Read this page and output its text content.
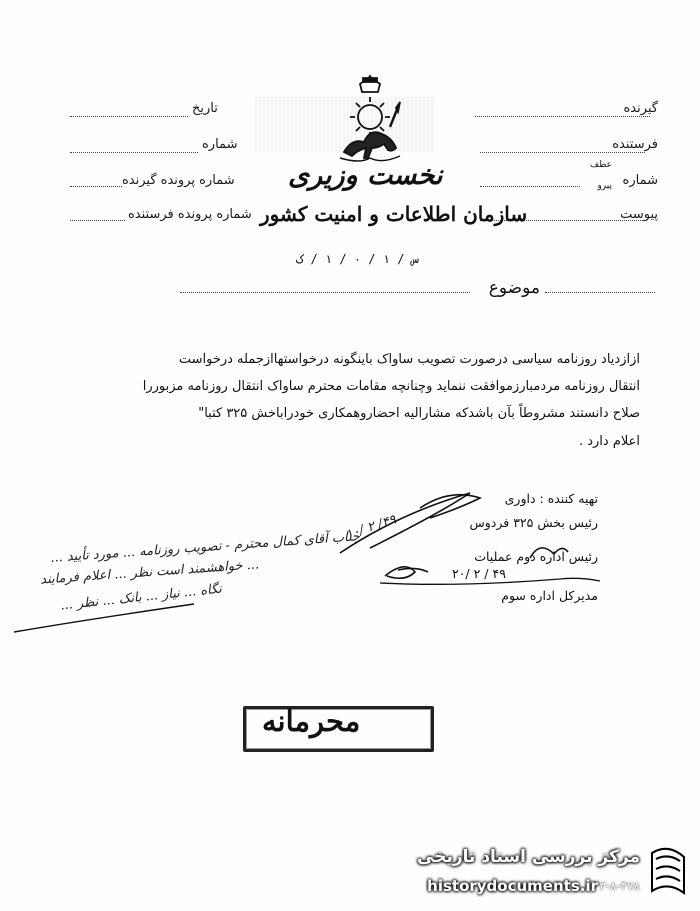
گیرنده
فرستنده
شماره
عطف
پیرو
پیوست
تاریخ
شماره
شماره پرونده گیرنده
شماره پرونده فرستنده
نخست وزیری
سازمان اطلاعات و امنیت کشور
س / ۱ / ۰ / ۱ / ک
موضوع
ازازدیاد روزنامه سیاسی درصورت تصویب ساواک باینگونه درخواستهاازجمله درخواست
انتقال روزنامه مردمبارزموافقت ننماید وچنانچه مقامات محترم ساواک انتقال روزنامه مزبوررا
صلاح دانستند مشروطاً بآن باشدکه مشارالیه احضاروهمکاری خودراباخش ۳۲۵ کتبا"
اعلام دارد .
تهیه کننده : داوری
رئیس بخش ۳۲۵ فردوس
رئیس اداره دوم عملیات
۲۰/ ۲ / ۴۹
مدیرکل اداره سوم
۱۰/ ۲ /۴۹
جناب آقای کمال محترم - تصویب روزنامه ... مورد تأیید ...
... خواهشمند است نظر ... اعلام فرمایند
نگاه ... نیاز ... بانک ... نظر ...
محرمانه
مرکز بررسی اسناد تاریخی
historydocuments.ir ۳-۸-۴۷۸
